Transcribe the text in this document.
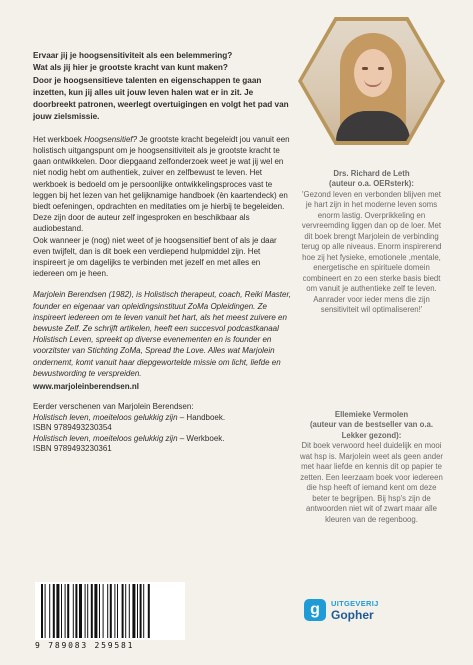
Ervaar jij je hoogsensitiviteit als een belemmering?
Wat als jij hier je grootste kracht van kunt maken?
Door je hoogsensitieve talenten en eigenschappen te gaan inzetten, kun jij alles uit jouw leven halen wat er in zit. Je doorbreekt patronen, weerlegt overtuigingen en volgt het pad van jouw zielsmissie.

Het werkboek Hoogsensitief? Je grootste kracht begeleidt jou vanuit een holistisch uitgangspunt om je hoogsensitiviteit als je grootste kracht te gaan ontwikkelen. Door diepgaand zelfonderzoek weet je wat jij wel en niet nodig hebt om authentiek, zuiver en zelfbewust te leven. Het werkboek is bedoeld om je persoonlijke ontwikkelingsproces vast te leggen bij het lezen van het gelijknamige handboek (èn kaartendeck) en biedt oefeningen, opdrachten en meditaties om je hierbij te begeleiden. Deze zijn door de auteur zelf ingesproken en beschikbaar als audiobestand.

Ook wanneer je (nog) niet weet of je hoogsensitief bent of als je daar even twijfelt, dan is dit boek een verdiepend hulpmiddel zijn. Het inspireert je om dagelijks te verbinden met jezelf en met alles en iedereen om je heen.

Marjolein Berendsen (1982), is Holistisch therapeut, coach, Reiki Master, founder en eigenaar van opleidingsinstituut ZoMa Opleidingen. Ze inspireert iedereen om te leven vanuit het hart, als het meest zuivere en bewuste Zelf. Ze schrijft artikelen, heeft een succesvol podcastkanaal Holistisch Leven, spreekt op diverse evenementen en is founder en voorzitster van Stichting ZoMa, Spread the Love. Alles wat Marjolein ondernemt, komt vanuit haar diepgewortelde missie om licht, liefde en bewustwording te verspreiden.

www.marjoleinberendsen.nl

Eerder verschenen van Marjolein Berendsen:
Holistisch leven, moeiteloos gelukkig zijn – Handboek.
ISBN 9789493230354
Holistisch leven, moeiteloos gelukkig zijn – Werkboek.
ISBN 9789493230361

Drs. Richard de Leth

(auteur o.a. OERsterk):

'Gezond leven en verbonden blijven met je hart zijn in het moderne leven soms enorm lastig. Overprikkeling en vervreemding liggen dan op de loer. Met dit boek brengt Marjolein de verbinding terug op alle niveaus. Enorm inspirerend hoe zij het fysieke, emotionele ,mentale, energetische en spirituele domein combineert en zo een sterke basis biedt om vanuit je authentieke zelf te leven. Aanrader voor ieder mens die zijn sensitiviteit wil optimaliseren!'

Ellemieke Vermolen

(auteur van de bestseller van o.a. Lekker gezond):

Dit boek verwoord heel duidelijk en mooi wat hsp is. Marjolein weet als geen ander met haar liefde en kennis dit op papier te zetten. Een leerzaam boek voor iedereen die hsp heeft of iemand kent om deze beter te begrijpen. Bij hsp's zijn de antwoorden niet wit of zwart maar alle kleuren van de regenboog.

g	UITGEVERIJ
Gopher
9 789083 259581
